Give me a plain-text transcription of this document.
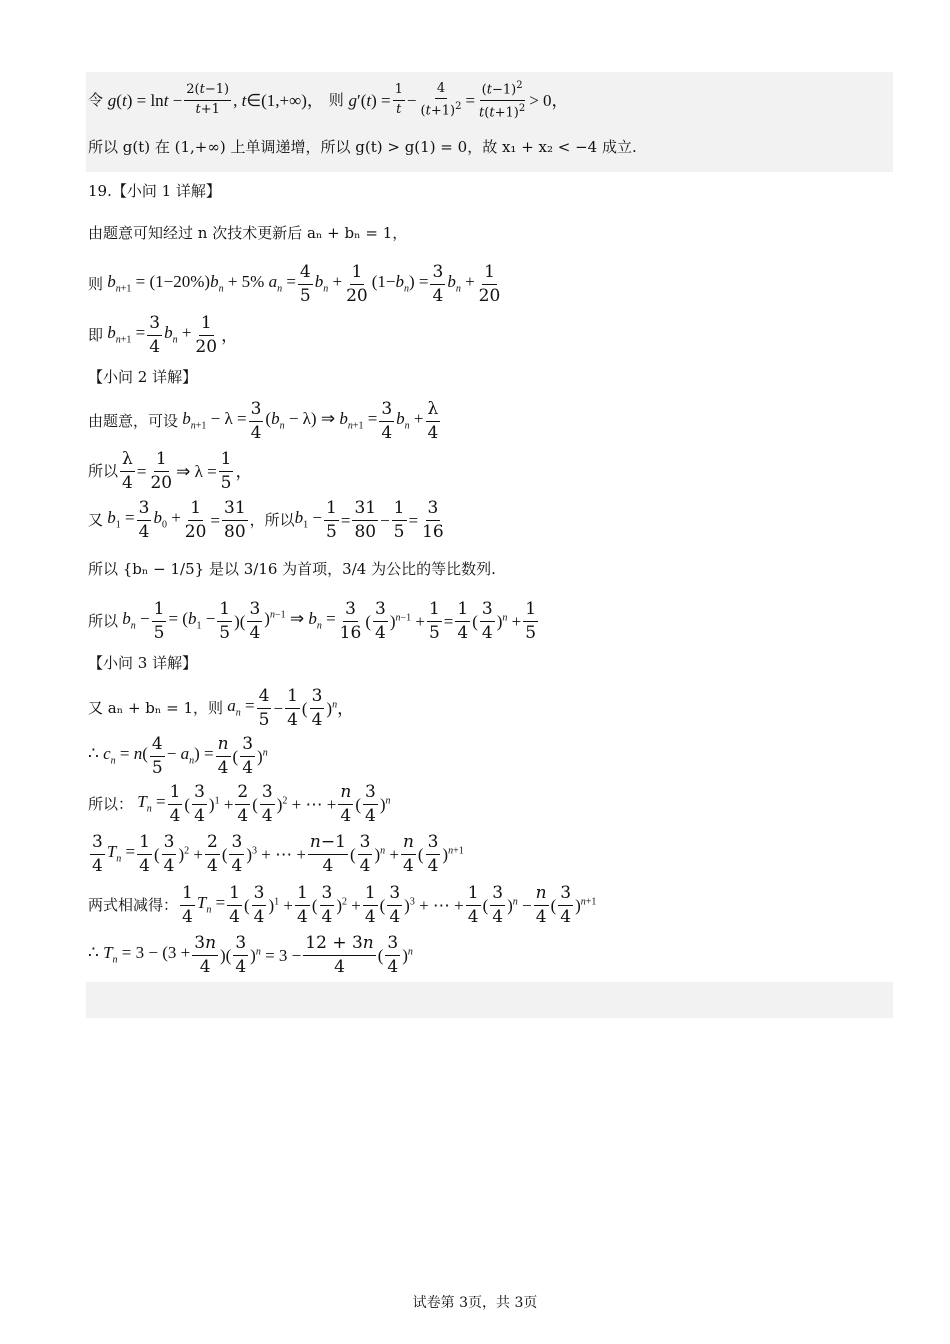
令
$g(t) = \ln t - \frac{2(t-1)}{t+1}$ , t∈(1,+∞)，
则
$g'(t) = \frac{1}{t} - \frac{4}{(t+1)^2} = \frac{(t-1)^2}{t(t+1)^2} > 0$，
所以 g(t) 在 (1,+∞) 上单调递增，所以 g(t) > g(1) = 0，故 x₁ + x₂ < −4 成立.
19.【小问 1 详解】
由题意可知经过 n 次技术更新后 aₙ + bₙ = 1，
则 $b_{n+1} = (1-20\%)b_n + 5\%$ $a_n = \frac{4}{5} b_n + \frac{1}{20} (1-b_n) = \frac{3}{4} b_n + \frac{1}{20}$
即 $b_{n+1} = \frac{3}{4} b_n + \frac{1}{20}$ ，
【小问 2 详解】
由题意，可设 $b_{n+1} - \lambda = \frac{3}{4} (b_n - \lambda)$ ⇒ $b_{n+1} = \frac{3}{4} b_n + \frac{\lambda}{4}$
所以 $\frac{\lambda}{4} = \frac{1}{20}$ ⇒ $\lambda = \frac{1}{5}$ ，
又 $b_1 = \frac{3}{4} b_0 + \frac{1}{20} = \frac{31}{80}$ ，所以 $b_1 - \frac{1}{5} = \frac{31}{80} - \frac{1}{5} = \frac{3}{16}$
所以 {bₙ − 1/5} 是以 3/16 为首项，3/4 为公比的等比数列.
所以 $b_n - \frac{1}{5} = (b_1 - \frac{1}{5}$ )( $\frac{3}{4} )^{n-1}$ ⇒ $b_n = \frac{3}{16}$ ( $\frac{3}{4} )^{n-1} + \frac{1}{5} = \frac{1}{4}$ ( $\frac{3}{4} )^n + \frac{1}{5}$
【小问 3 详解】
又 aₙ + bₙ = 1，则 $a_n = \frac{4}{5} - \frac{1}{4}$ ( $\frac{3}{4} )^n$，
∴ $c_n = n( \frac{4}{5} - a_n) = \frac{n}{4}$ ( $\frac{3}{4} )^n$
所以： $T_n = \frac{1}{4}$ ( $\frac{3}{4} )^1 + \frac{2}{4}$ ( $\frac{3}{4} )^2$ + ⋯ + $\frac{n}{4}$ ( $\frac{3}{4} )^n$
$\frac{3}{4} T_n = \frac{1}{4}$ ( $\frac{3}{4} )^2 + \frac{2}{4}$ ( $\frac{3}{4} )^3$ + ⋯ + $\frac{n-1}{4}$ ( $\frac{3}{4} )^n + \frac{n}{4}$ ( $\frac{3}{4} )^{n+1}$
两式相减得： $\frac{1}{4} T_n = \frac{1}{4}$ ( $\frac{3}{4} )^1 + \frac{1}{4}$ ( $\frac{3}{4} )^2 + \frac{1}{4}$ ( $\frac{3}{4} )^3$ + ⋯ + $\frac{1}{4}$ ( $\frac{3}{4} )^n - \frac{n}{4}$ ( $\frac{3}{4} )^{n+1}$
∴ $T_n = 3 - (3 + \frac{3n}{4}$ )( $\frac{3}{4} )^n = 3 - \frac{12 + 3n}{4}$ ( $\frac{3}{4} )^n$
试卷第 3页，共 3页
